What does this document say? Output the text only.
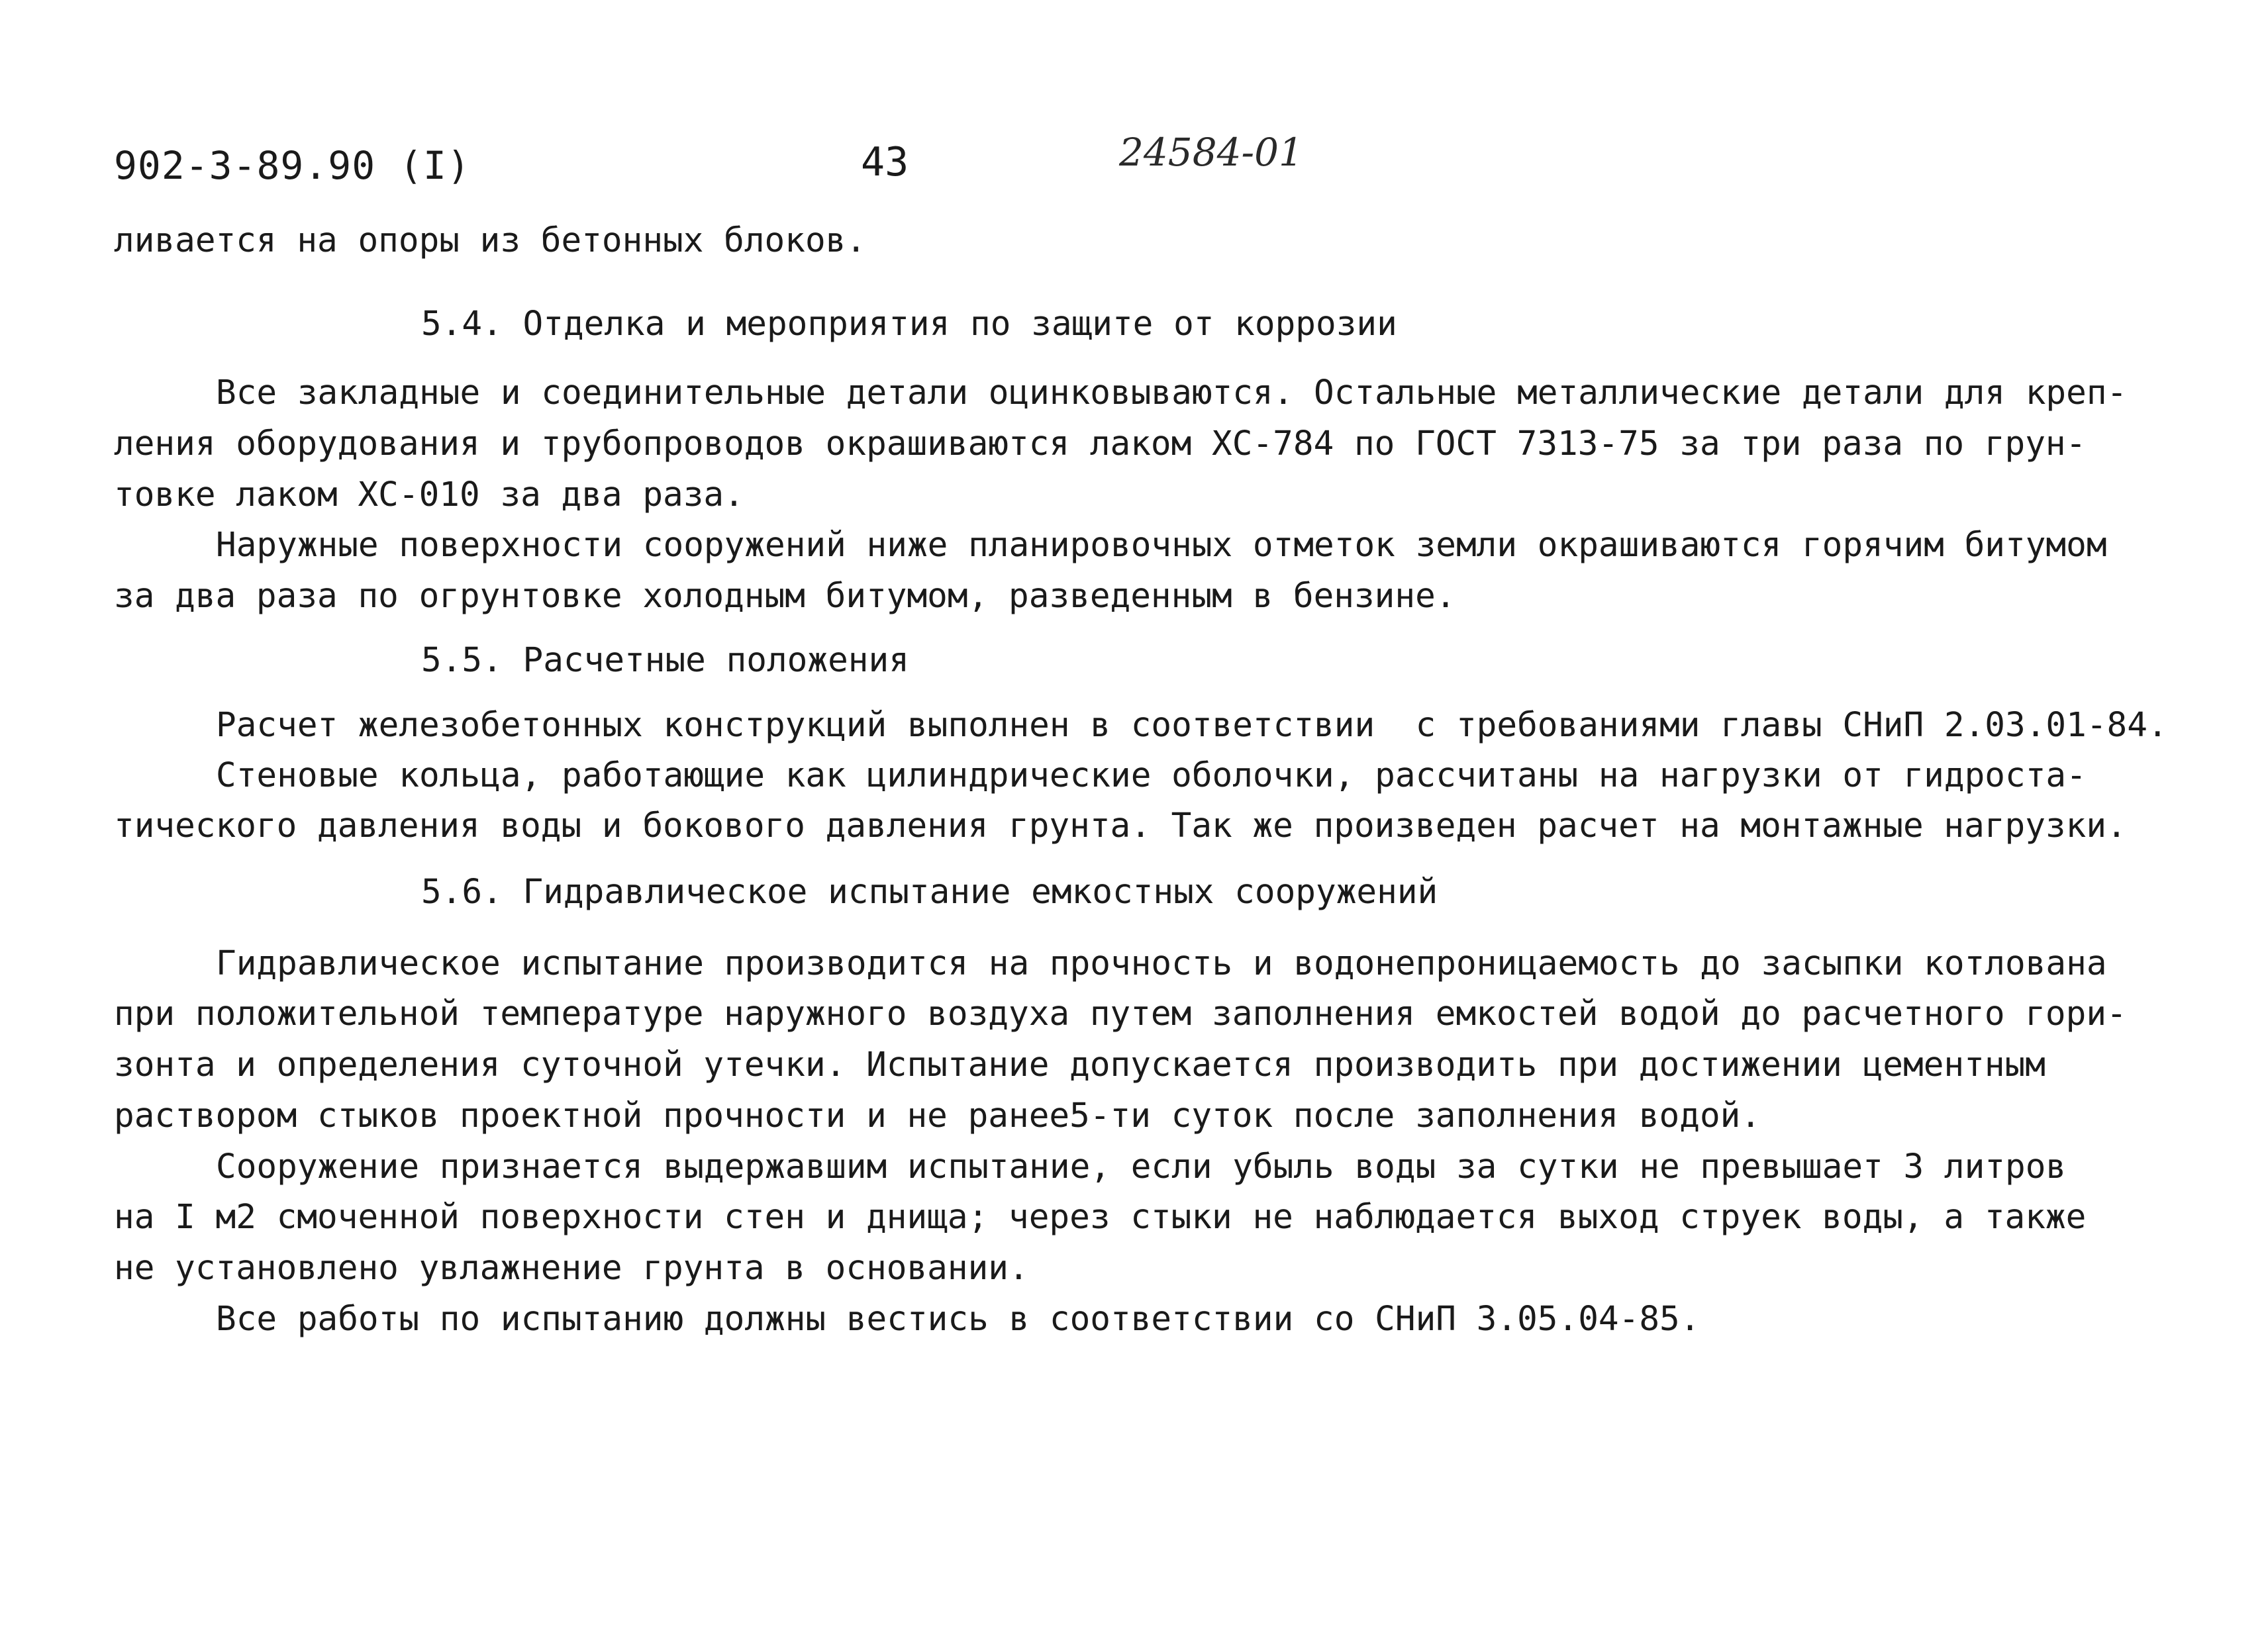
902-3-89.90 (I)	43	24584-01
ливается на опоры из бетонных блоков.
5.4. Отделка и мероприятия по защите от коррозии
Все закладные и соединительные детали оцинковываются. Остальные металлические детали для креп-
ления оборудования и трубопроводов окрашиваются лаком ХС-784 по ГОСТ 7313-75 за три раза по грун-
товке лаком ХС-010 за два раза.
Наружные поверхности сооружений ниже планировочных отметок земли окрашиваются горячим битумом
за два раза по огрунтовке холодным битумом, разведенным в бензине.
5.5. Расчетные положения
Расчет железобетонных конструкций выполнен в соответствии  с требованиями главы СНиП 2.03.01-84.
Стеновые кольца, работающие как цилиндрические оболочки, рассчитаны на нагрузки от гидроста-
тического давления воды и бокового давления грунта. Так же произведен расчет на монтажные нагрузки.
5.6. Гидравлическое испытание емкостных сооружений
Гидравлическое испытание производится на прочность и водонепроницаемость до засыпки котлована
при положительной температуре наружного воздуха путем заполнения емкостей водой до расчетного гори-
зонта и определения суточной утечки. Испытание допускается производить при достижении цементным
раствором стыков проектной прочности и не ранее5-ти суток после заполнения водой.
Сооружение признается выдержавшим испытание, если убыль воды за сутки не превышает 3 литров
на I м2 смоченной поверхности стен и днища; через стыки не наблюдается выход струек воды, а также
не установлено увлажнение грунта в основании.
Все работы по испытанию должны вестись в соответствии со СНиП 3.05.04-85.
